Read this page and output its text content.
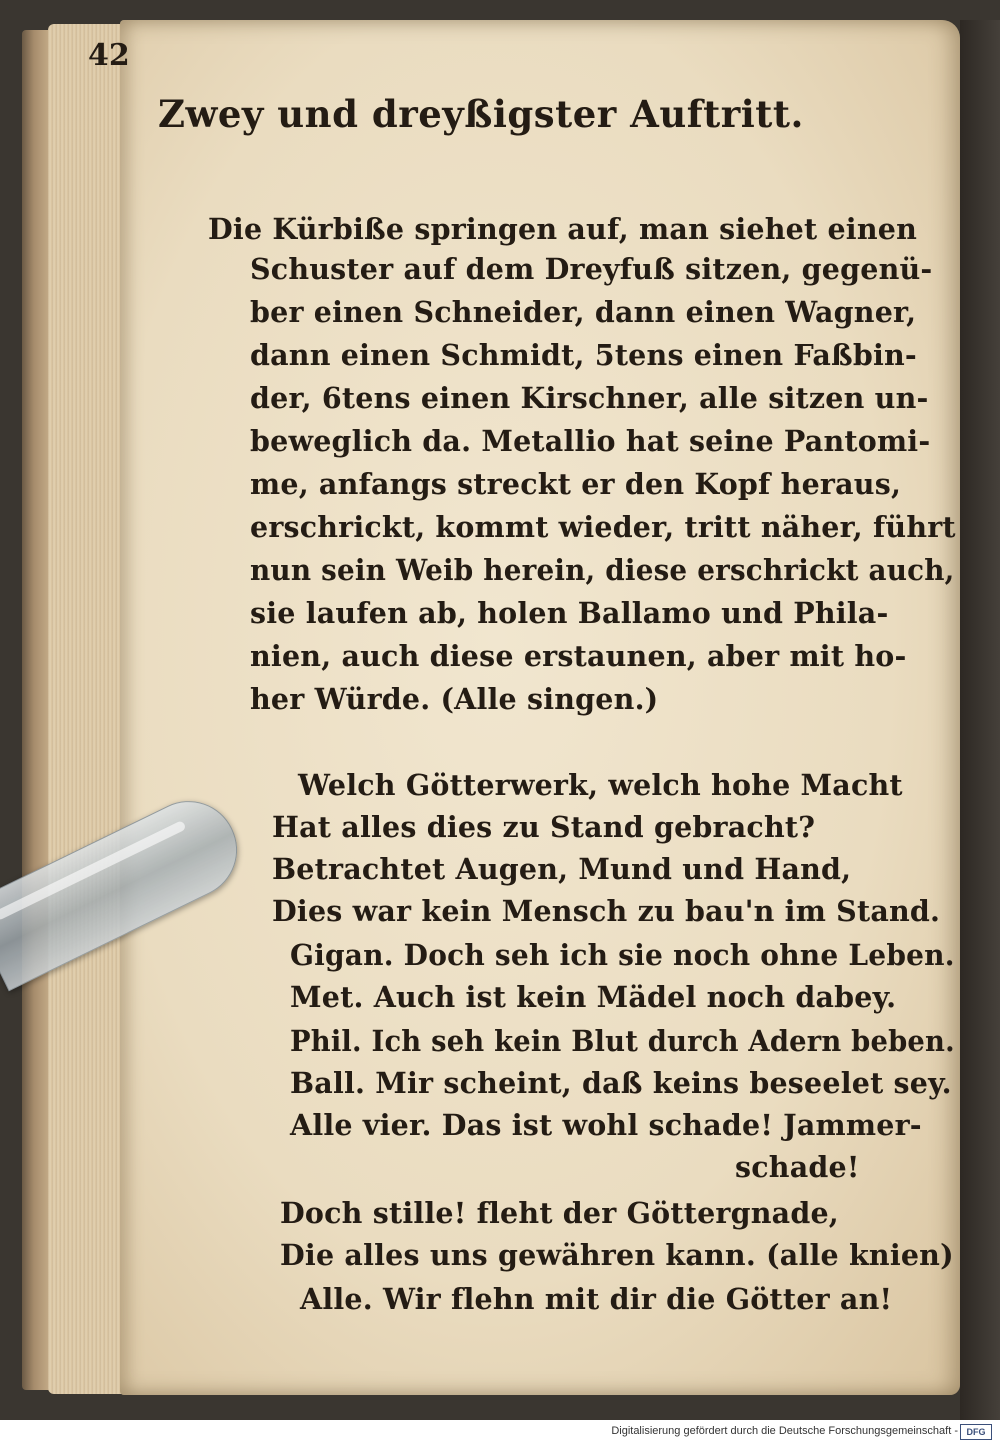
42
Zwey und dreyßigster Auftritt.
Die Kürbiße springen auf, man siehet einen
Schuster auf dem Dreyfuß sitzen, gegenü-
ber einen Schneider, dann einen Wagner,
dann einen Schmidt, 5tens einen Faßbin-
der, 6tens einen Kirschner, alle sitzen un-
beweglich da. Metallio hat seine Pantomi-
me, anfangs streckt er den Kopf heraus,
erschrickt, kommt wieder, tritt näher, führt
nun sein Weib herein, diese erschrickt auch,
sie laufen ab, holen Ballamo und Phila-
nien, auch diese erstaunen, aber mit ho-
her Würde. (Alle singen.)
Welch Götterwerk, welch hohe Macht
Hat alles dies zu Stand gebracht?
Betrachtet Augen, Mund und Hand,
Dies war kein Mensch zu bau'n im Stand.
Gigan. Doch seh ich sie noch ohne Leben.
Met. Auch ist kein Mädel noch dabey.
Phil. Ich seh kein Blut durch Adern beben.
Ball. Mir scheint, daß keins beseelet sey.
Alle vier. Das ist wohl schade! Jammer-
schade!
Doch stille! fleht der Göttergnade,
Die alles uns gewähren kann. (alle knien)
Alle. Wir flehn mit dir die Götter an!
Digitalisierung gefördert durch die Deutsche Forschungsgemeinschaft - DFG
